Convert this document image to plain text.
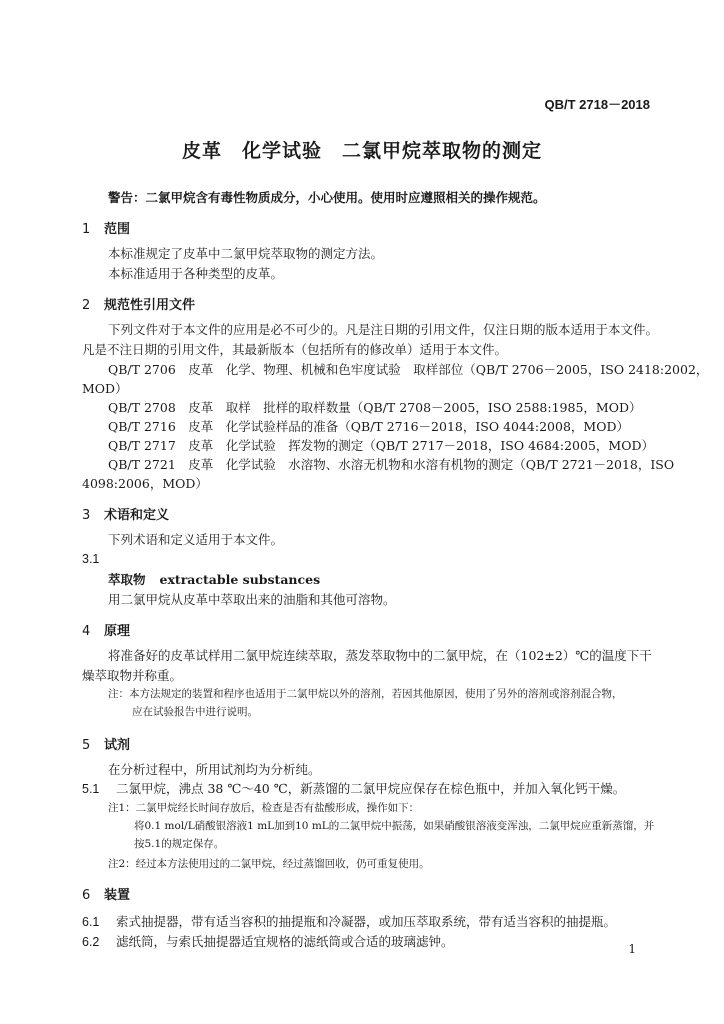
QB/T 2718－2018
皮革　化学试验　二氯甲烷萃取物的测定
警告：二氯甲烷含有毒性物质成分，小心使用。使用时应遵照相关的操作规范。
1 范围
本标准规定了皮革中二氯甲烷萃取物的测定方法。
本标准适用于各种类型的皮革。
2 规范性引用文件
下列文件对于本文件的应用是必不可少的。凡是注日期的引用文件，仅注日期的版本适用于本文件。
凡是不注日期的引用文件，其最新版本（包括所有的修改单）适用于本文件。
QB/T 2706　皮革　化学、物理、机械和色牢度试验　取样部位（QB/T 2706－2005，ISO 2418:2002，
MOD）
QB/T 2708　皮革　取样　批样的取样数量（QB/T 2708－2005，ISO 2588:1985，MOD）
QB/T 2716　皮革　化学试验样品的准备（QB/T 2716－2018，ISO 4044:2008，MOD）
QB/T 2717　皮革　化学试验　挥发物的测定（QB/T 2717－2018，ISO 4684:2005，MOD）
QB/T 2721　皮革　化学试验　水溶物、水溶无机物和水溶有机物的测定（QB/T 2721－2018，ISO
4098:2006，MOD）
3 术语和定义
下列术语和定义适用于本文件。
3.1
萃取物 extractable substances
用二氯甲烷从皮革中萃取出来的油脂和其他可溶物。
4 原理
将准备好的皮革试样用二氯甲烷连续萃取，蒸发萃取物中的二氯甲烷，在（102±2）℃的温度下干
燥萃取物并称重。
注：本方法规定的装置和程序也适用于二氯甲烷以外的溶剂，若因其他原因，使用了另外的溶剂或溶剂混合物，
应在试验报告中进行说明。
5 试剂
在分析过程中，所用试剂均为分析纯。
5.1 二氯甲烷，沸点 38 ℃～40 ℃，新蒸馏的二氯甲烷应保存在棕色瓶中，并加入氧化钙干燥。
注1：二氯甲烷经长时间存放后，检查是否有盐酸形成，操作如下：
将0.1 mol/L硝酸银溶液1 mL加到10 mL的二氯甲烷中振荡，如果硝酸银溶液变浑浊，二氯甲烷应重新蒸馏，并
按5.1的规定保存。
注2：经过本方法使用过的二氯甲烷，经过蒸馏回收，仍可重复使用。
6 装置
6.1 索式抽提器，带有适当容积的抽提瓶和冷凝器，或加压萃取系统，带有适当容积的抽提瓶。
6.2 滤纸筒，与索氏抽提器适宜规格的滤纸筒或合适的玻璃滤钟。	1
